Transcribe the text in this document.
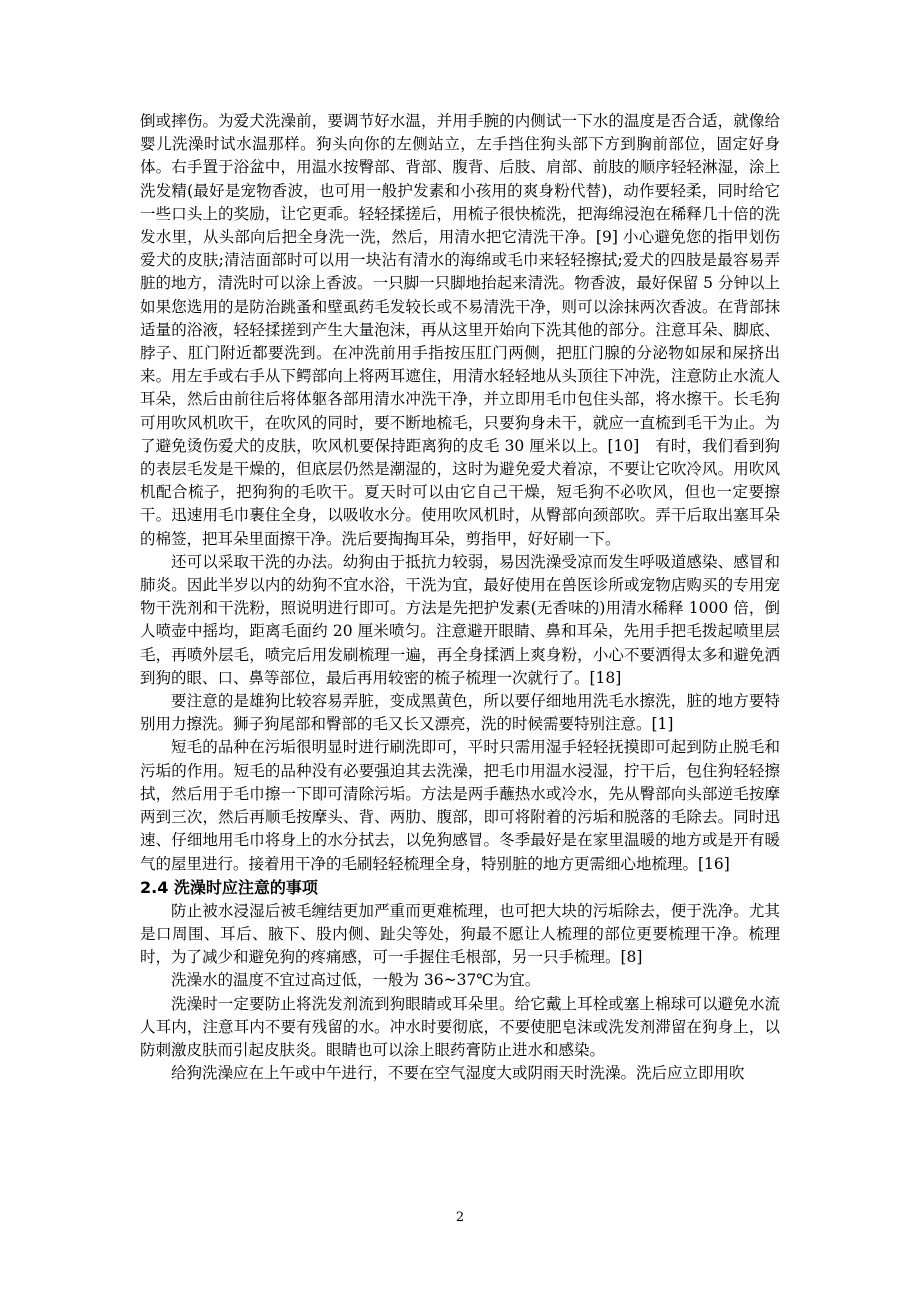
倒或摔伤。为爱犬洗澡前，要调节好水温，并用手腕的内侧试一下水的温度是否合适，就像给婴儿洗澡时试水温那样。狗头向你的左侧站立，左手挡住狗头部下方到胸前部位，固定好身体。右手置于浴盆中，用温水按臀部、背部、腹背、后肢、肩部、前肢的顺序轻轻淋湿，涂上洗发精(最好是宠物香波，也可用一般护发素和小孩用的爽身粉代替)，动作要轻柔，同时给它一些口头上的奖励，让它更乖。轻轻揉搓后，用梳子很快梳洗，把海绵浸泡在稀释几十倍的洗发水里，从头部向后把全身洗一洗，然后，用清水把它清洗干净。[9] 小心避免您的指甲划伤爱犬的皮肤;清洁面部时可以用一块沾有清水的海绵或毛巾来轻轻擦拭;爱犬的四肢是最容易弄脏的地方，清洗时可以涂上香波。一只脚一只脚地抬起来清洗。物香波，最好保留 5 分钟以上如果您选用的是防治跳蚤和壁虱药毛发较长或不易清洗干净，则可以涂抹两次香波。在背部抹适量的浴液，轻轻揉搓到产生大量泡沫，再从这里开始向下洗其他的部分。注意耳朵、脚底、脖子、肛门附近都要洗到。在冲洗前用手指按压肛门两侧，把肛门腺的分泌物如尿和屎挤出来。用左手或右手从下鳄部向上将两耳遮住，用清水轻轻地从头顶往下冲洗，注意防止水流人耳朵，然后由前往后将体躯各部用清水冲洗干净，并立即用毛巾包住头部，将水擦干。长毛狗可用吹风机吹干，在吹风的同时，要不断地梳毛，只要狗身未干，就应一直梳到毛干为止。为了避免烫伤爱犬的皮肤，吹风机要保持距离狗的皮毛 30 厘米以上。[10]　有时，我们看到狗的表层毛发是干燥的，但底层仍然是潮湿的，这时为避免爱犬着凉，不要让它吹冷风。用吹风机配合梳子，把狗狗的毛吹干。夏天时可以由它自己干燥，短毛狗不必吹风，但也一定要擦干。迅速用毛巾裹住全身，以吸收水分。使用吹风机时，从臀部向颈部吹。弄干后取出塞耳朵的棉签，把耳朵里面擦干净。洗后要掏掏耳朵，剪指甲，好好刷一下。

还可以采取干洗的办法。幼狗由于抵抗力较弱，易因洗澡受凉而发生呼吸道感染、感冒和肺炎。因此半岁以内的幼狗不宜水浴，干洗为宜，最好使用在兽医诊所或宠物店购买的专用宠物干洗剂和干洗粉，照说明进行即可。方法是先把护发素(无香味的)用清水稀释 1000 倍，倒人喷壶中摇均，距离毛面约 20 厘米喷匀。注意避开眼睛、鼻和耳朵，先用手把毛拨起喷里层毛，再喷外层毛，喷完后用发刷梳理一遍，再全身揉洒上爽身粉，小心不要洒得太多和避免洒到狗的眼、口、鼻等部位，最后再用较密的梳子梳理一次就行了。[18]

要注意的是雄狗比较容易弄脏，变成黑黄色，所以要仔细地用洗毛水擦洗，脏的地方要特别用力擦洗。狮子狗尾部和臀部的毛又长又漂亮，洗的时候需要特别注意。[1]

短毛的品种在污垢很明显时进行刷洗即可，平时只需用湿手轻轻抚摸即可起到防止脱毛和污垢的作用。短毛的品种没有必要强迫其去洗澡，把毛巾用温水浸湿，拧干后，包住狗轻轻擦拭，然后用于毛巾擦一下即可清除污垢。方法是两手蘸热水或冷水，先从臀部向头部逆毛按摩两到三次，然后再顺毛按摩头、背、两肋、腹部，即可将附着的污垢和脱落的毛除去。同时迅速、仔细地用毛巾将身上的水分拭去，以免狗感冒。冬季最好是在家里温暖的地方或是开有暖气的屋里进行。接着用干净的毛刷轻轻梳理全身，特别脏的地方更需细心地梳理。[16]

2.4 洗澡时应注意的事项

防止被水浸湿后被毛缠结更加严重而更难梳理，也可把大块的污垢除去，便于洗净。尤其是口周围、耳后、腋下、股内侧、趾尖等处，狗最不愿让人梳理的部位更要梳理干净。梳理时，为了减少和避免狗的疼痛感，可一手握住毛根部，另一只手梳理。[8]

洗澡水的温度不宜过高过低，一般为 36~37℃为宜。

洗澡时一定要防止将洗发剂流到狗眼睛或耳朵里。给它戴上耳栓或塞上棉球可以避免水流人耳内，注意耳内不要有残留的水。冲水时要彻底，不要使肥皂沫或洗发剂滞留在狗身上，以防刺激皮肤而引起皮肤炎。眼睛也可以涂上眼药膏防止进水和感染。

给狗洗澡应在上午或中午进行，不要在空气湿度大或阴雨天时洗澡。洗后应立即用吹

2
